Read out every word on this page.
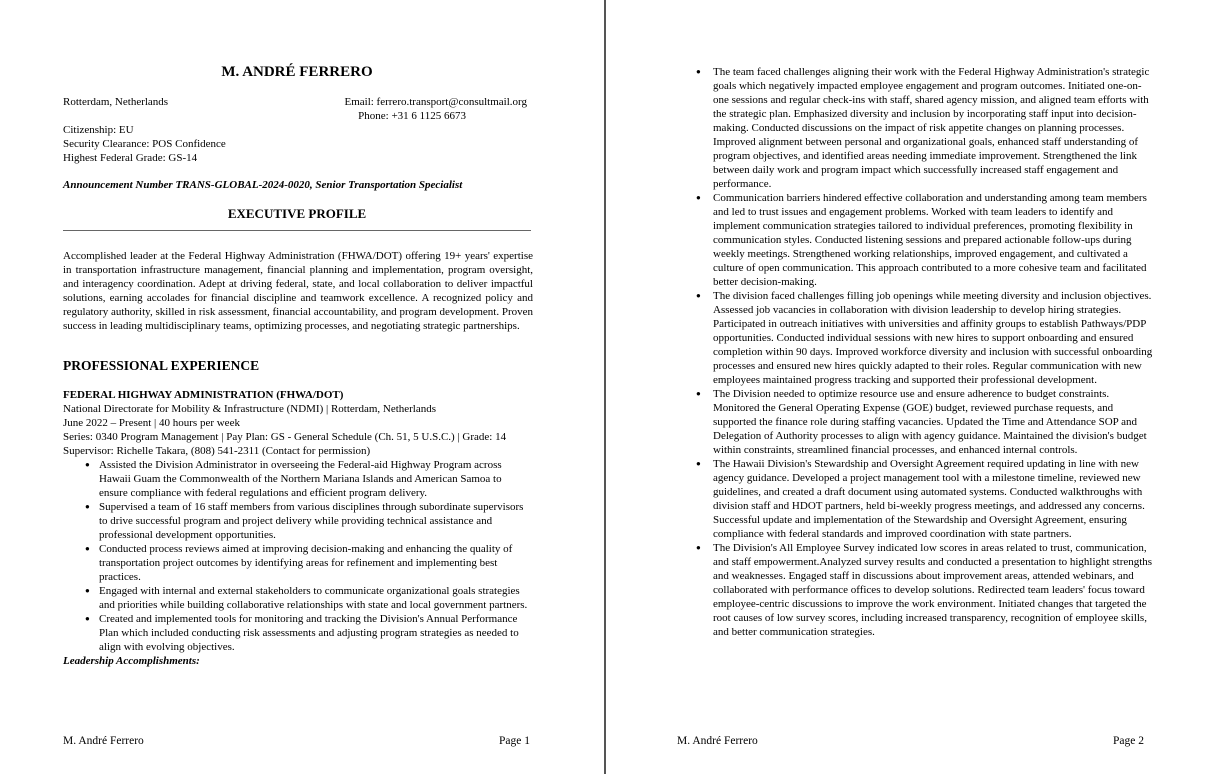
M. ANDRÉ FERRERO
Rotterdam, Netherlands	Email: ferrero.transport@consultmail.org
Phone: +31 6 1125 6673
Citizenship: EU
Security Clearance: POS Confidence
Highest Federal Grade: GS-14
Announcement Number TRANS-GLOBAL-2024-0020, Senior Transportation Specialist
EXECUTIVE PROFILE
Accomplished leader at the Federal Highway Administration (FHWA/DOT) offering 19+ years' expertise in transportation infrastructure management, financial planning and implementation, program oversight, and interagency coordination. Adept at driving federal, state, and local collaboration to deliver impactful solutions, earning accolades for financial discipline and teamwork excellence. A recognized policy and regulatory authority, skilled in risk assessment, financial accountability, and program development. Proven success in leading multidisciplinary teams, optimizing processes, and negotiating strategic partnerships.
PROFESSIONAL EXPERIENCE
FEDERAL HIGHWAY ADMINISTRATION (FHWA/DOT)
National Directorate for Mobility & Infrastructure (NDMI) | Rotterdam, Netherlands
June 2022 – Present | 40 hours per week
Series: 0340 Program Management | Pay Plan: GS - General Schedule (Ch. 51, 5 U.S.C.) | Grade: 14
Supervisor: Richelle Takara, (808) 541-2311 (Contact for permission)
● Assisted the Division Administrator in overseeing the Federal-aid Highway Program across Hawaii Guam the Commonwealth of the Northern Mariana Islands and American Samoa to ensure compliance with federal regulations and efficient program delivery.
● Supervised a team of 16 staff members from various disciplines through subordinate supervisors to drive successful program and project delivery while providing technical assistance and professional development opportunities.
● Conducted process reviews aimed at improving decision-making and enhancing the quality of transportation project outcomes by identifying areas for refinement and implementing best practices.
● Engaged with internal and external stakeholders to communicate organizational goals strategies and priorities while building collaborative relationships with state and local government partners.
● Created and implemented tools for monitoring and tracking the Division's Annual Performance Plan which included conducting risk assessments and adjusting program strategies as needed to align with evolving objectives.
Leadership Accomplishments:
M. André Ferrero	Page 1
● The team faced challenges aligning their work with the Federal Highway Administration's strategic goals which negatively impacted employee engagement and program outcomes. Initiated one-on-one sessions and regular check-ins with staff, shared agency mission, and aligned team efforts with the strategic plan. Emphasized diversity and inclusion by incorporating staff input into decision-making. Conducted discussions on the impact of risk appetite changes on planning processes. Improved alignment between personal and organizational goals, enhanced staff understanding of program objectives, and identified areas needing immediate improvement. Strengthened the link between daily work and program impact which successfully increased staff engagement and performance.
● Communication barriers hindered effective collaboration and understanding among team members and led to trust issues and engagement problems. Worked with team leaders to identify and implement communication strategies tailored to individual preferences, promoting flexibility in communication styles. Conducted listening sessions and prepared actionable follow-ups during weekly meetings. Strengthened working relationships, improved engagement, and cultivated a culture of open communication. This approach contributed to a more cohesive team and facilitated better decision-making.
● The division faced challenges filling job openings while meeting diversity and inclusion objectives. Assessed job vacancies in collaboration with division leadership to develop hiring strategies. Participated in outreach initiatives with universities and affinity groups to establish Pathways/PDP opportunities. Conducted individual sessions with new hires to support onboarding and ensured completion within 90 days. Improved workforce diversity and inclusion with successful onboarding processes and ensured new hires quickly adapted to their roles. Regular communication with new employees maintained progress tracking and supported their professional development.
● The Division needed to optimize resource use and ensure adherence to budget constraints. Monitored the General Operating Expense (GOE) budget, reviewed purchase requests, and supported the finance role during staffing vacancies. Updated the Time and Attendance SOP and Delegation of Authority processes to align with agency guidance. Maintained the division's budget within constraints, streamlined financial processes, and enhanced internal controls.
● The Hawaii Division's Stewardship and Oversight Agreement required updating in line with new agency guidance. Developed a project management tool with a milestone timeline, reviewed new guidelines, and created a draft document using automated systems. Conducted walkthroughs with division staff and HDOT partners, held bi-weekly progress meetings, and addressed any concerns. Successful update and implementation of the Stewardship and Oversight Agreement, ensuring compliance with federal standards and improved coordination with state partners.
● The Division's All Employee Survey indicated low scores in areas related to trust, communication, and staff empowerment.Analyzed survey results and conducted a presentation to highlight strengths and weaknesses. Engaged staff in discussions about improvement areas, attended webinars, and collaborated with performance offices to develop solutions. Redirected team leaders' focus toward employee-centric discussions to improve the work environment. Initiated changes that targeted the root causes of low survey scores, including increased transparency, recognition of employee skills, and better communication strategies.
M. André Ferrero	Page 2
